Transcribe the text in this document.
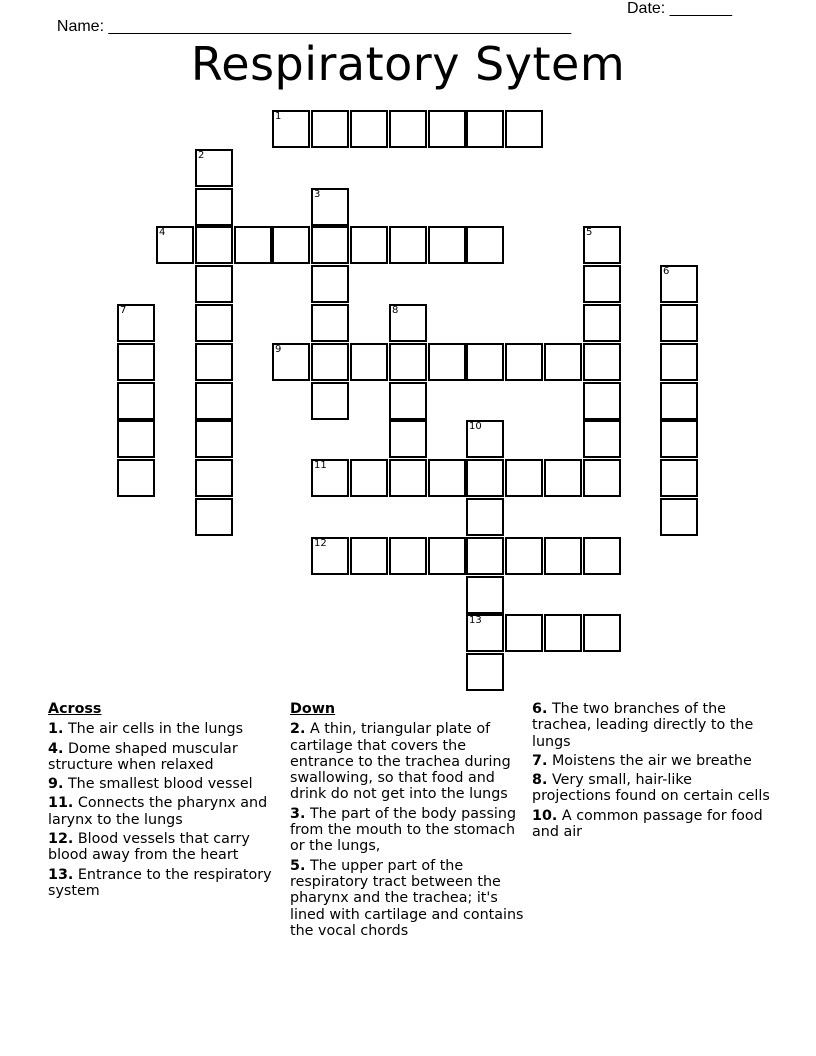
Name: ____________________________________________________

Date: _______

Respiratory Sytem
1
2
3
4	5
6
7	8
9
10
13
11
12
Across
1. The air cells in the lungs
4. Dome shaped muscular structure when relaxed
9. The smallest blood vessel
11. Connects the pharynx and larynx to the lungs
12. Blood vessels that carry blood away from the heart
13. Entrance to the respiratory system
Down
2. A thin, triangular plate of cartilage that covers the entrance to the trachea during swallowing, so that food and drink do not get into the lungs
3. The part of the body passing from the mouth to the stomach or the lungs,
5. The upper part of the respiratory tract between the pharynx and the trachea; it's lined with cartilage and contains the vocal chords
6. The two branches of the trachea, leading directly to the lungs
7. Moistens the air we breathe
8. Very small, hair-like projections found on certain cells
10. A common passage for food and air
